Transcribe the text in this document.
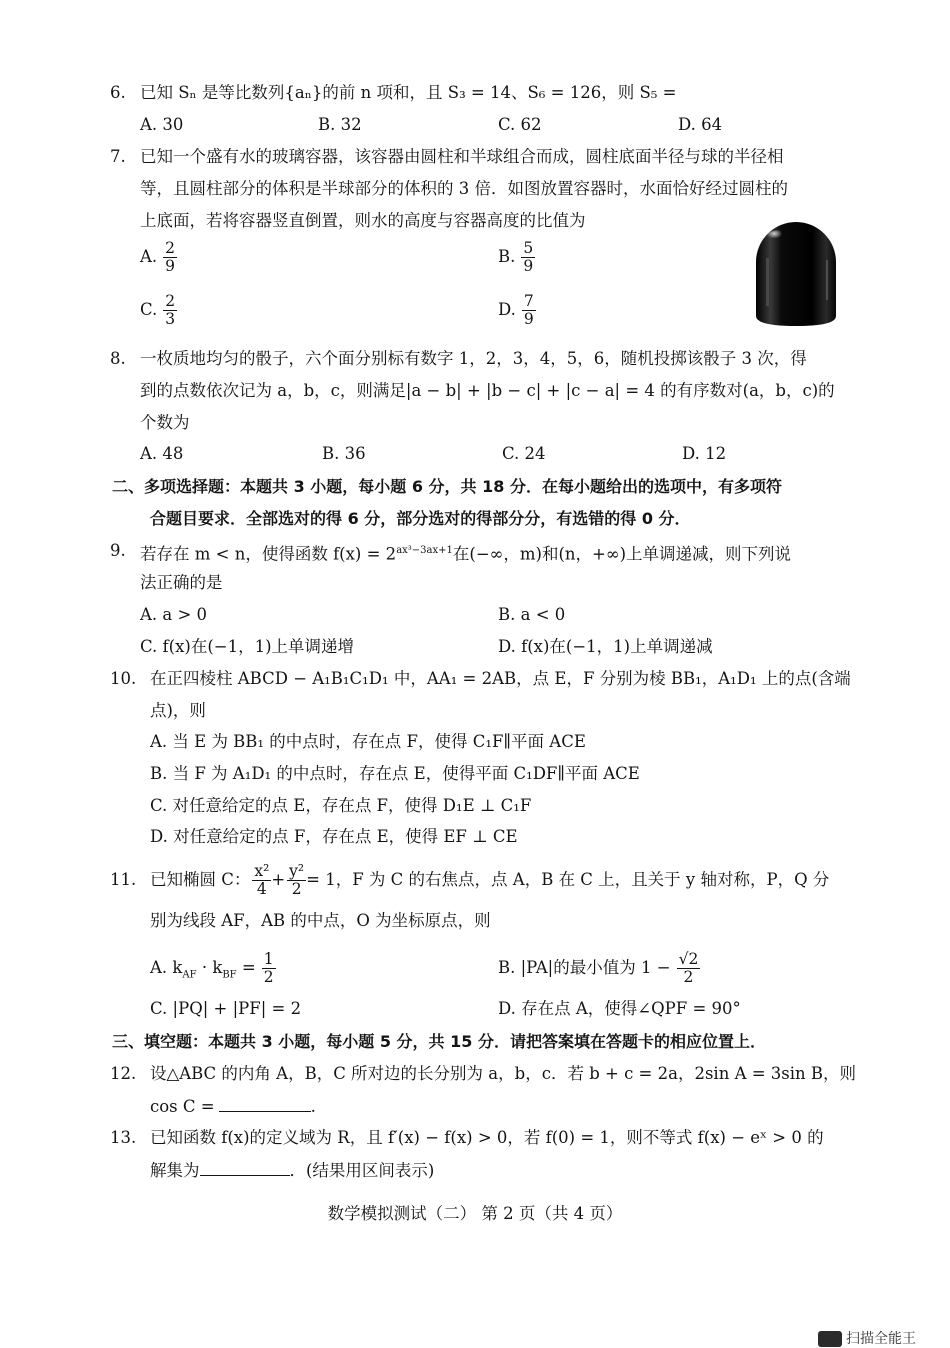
6. 已知 Sₙ 是等比数列{aₙ}的前 n 项和，且 S₃ = 14、S₆ = 126，则 S₅ =
A. 30	B. 32	C. 62	D. 64
7. 已知一个盛有水的玻璃容器，该容器由圆柱和半球组合而成，圆柱底面半径与球的半径相
等，且圆柱部分的体积是半球部分的体积的 3 倍．如图放置容器时，水面恰好经过圆柱的
上底面，若将容器竖直倒置，则水的高度与容器高度的比值为
A. $\frac{2}{9}$	B. $\frac{5}{9}$
C. $\frac{2}{3}$	D. $\frac{7}{9}$
8. 一枚质地均匀的骰子，六个面分别标有数字 1，2，3，4，5，6，随机投掷该骰子 3 次，得
到的点数依次记为 a，b，c，则满足|a − b| + |b − c| + |c − a| = 4 的有序数对(a，b，c)的
个数为
A. 48	B. 36	C. 24	D. 12
二、多项选择题：本题共 3 小题，每小题 6 分，共 18 分．在每小题给出的选项中，有多项符
合题目要求．全部选对的得 6 分，部分选对的得部分分，有选错的得 0 分．
9. 若存在 m < n，使得函数 $f(x) = 2^{ax^3-3ax+1}$在(−∞，m)和(n，+∞)上单调递减，则下列说
法正确的是
A. a > 0	B. a < 0
C. f(x)在(−1，1)上单调递增	D. f(x)在(−1，1)上单调递减
10. 在正四棱柱 ABCD − A₁B₁C₁D₁ 中，AA₁ = 2AB，点 E，F 分别为棱 BB₁，A₁D₁ 上的点(含端
点)，则
A. 当 E 为 BB₁ 的中点时，存在点 F，使得 C₁F∥平面 ACE
B. 当 F 为 A₁D₁ 的中点时，存在点 E，使得平面 C₁DF∥平面 ACE
C. 对任意给定的点 E，存在点 F，使得 D₁E ⊥ C₁F
D. 对任意给定的点 F，存在点 E，使得 EF ⊥ CE
11. 已知椭圆 C： $\frac{\text{x²}}{4} + \frac{\text{y²}}{2} = 1$，F 为 C 的右焦点，点 A，B 在 C 上，且关于 y 轴对称，P，Q 分
别为线段 AF，AB 的中点，O 为坐标原点，则
A. $k_{AF} \cdot k_{BF} = \frac{1}{2}$	B. |PA|的最小值为 $1 - \frac{√2}{2}$
C. |PQ| + |PF| = 2	D. 存在点 A，使得∠QPF = 90°
三、填空题：本题共 3 小题，每小题 5 分，共 15 分．请把答案填在答题卡的相应位置上．
12. 设△ABC 的内角 A，B，C 所对边的长分别为 a，b，c．若 b + c = 2a，2sin A = 3sin B，则
cos C =	.
13. 已知函数 f(x)的定义域为 R，且 f′(x) − f(x) > 0，若 f(0) = 1，则不等式 f(x) − eˣ > 0 的
解集为	．(结果用区间表示)
数学模拟测试（二） 第 2 页（共 4 页）
扫描全能王
